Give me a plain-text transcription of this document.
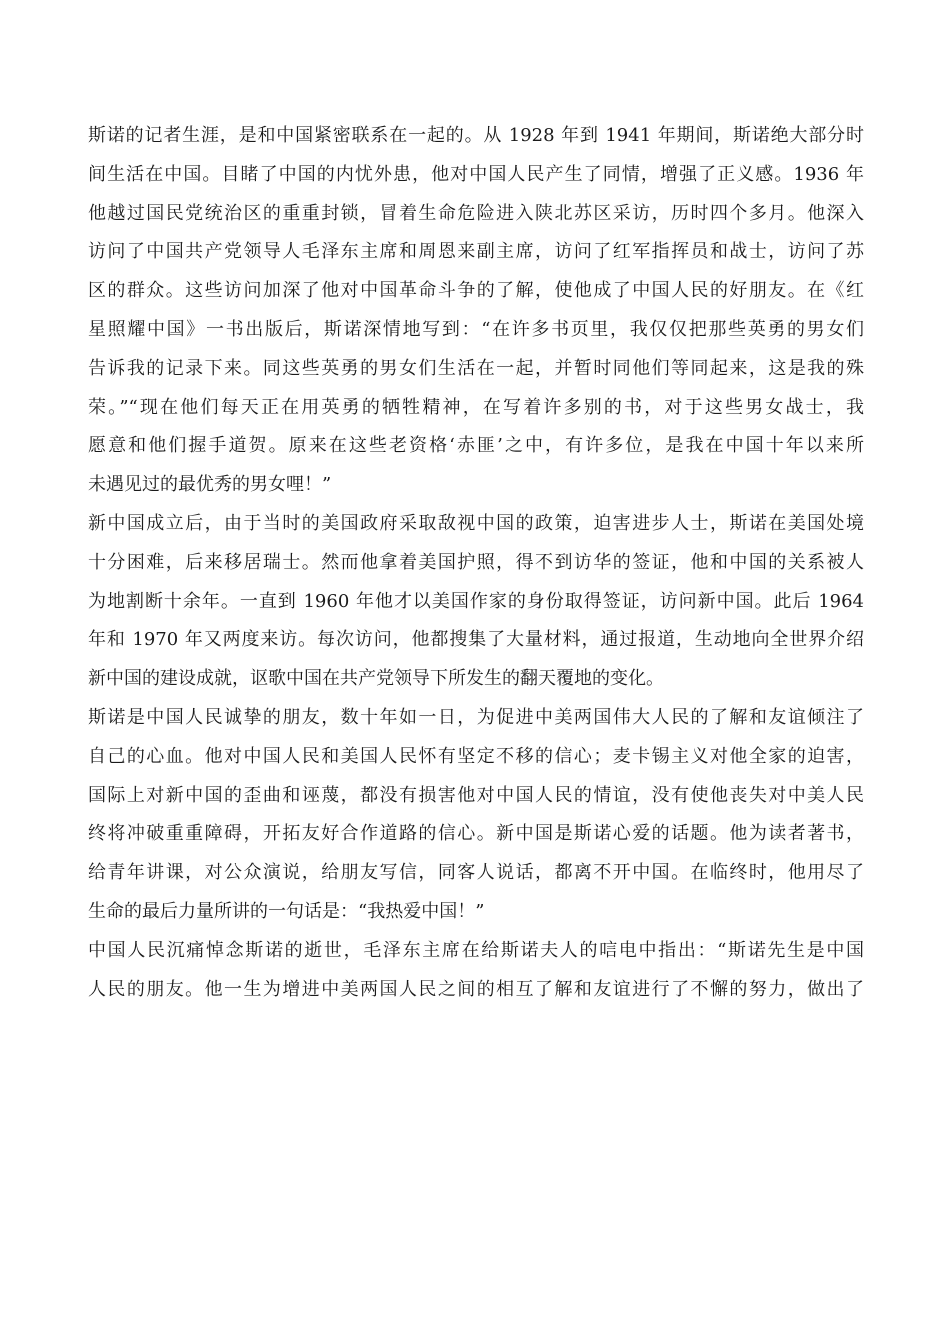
斯诺的记者生涯，是和中国紧密联系在一起的。从 1928 年到 1941 年期间，斯诺绝大部分时
间生活在中国。目睹了中国的内忧外患，他对中国人民产生了同情，增强了正义感。1936 年
他越过国民党统治区的重重封锁，冒着生命危险进入陕北苏区采访，历时四个多月。他深入
访问了中国共产党领导人毛泽东主席和周恩来副主席，访问了红军指挥员和战士，访问了苏
区的群众。这些访问加深了他对中国革命斗争的了解，使他成了中国人民的好朋友。在《红
星照耀中国》一书出版后，斯诺深情地写到：“在许多书页里，我仅仅把那些英勇的男女们
告诉我的记录下来。同这些英勇的男女们生活在一起，并暂时同他们等同起来，这是我的殊
荣。”“现在他们每天正在用英勇的牺牲精神，在写着许多别的书，对于这些男女战士，我
愿意和他们握手道贺。原来在这些老资格‘赤匪’之中，有许多位，是我在中国十年以来所
未遇见过的最优秀的男女哩！”
新中国成立后，由于当时的美国政府采取敌视中国的政策，迫害进步人士，斯诺在美国处境
十分困难，后来移居瑞士。然而他拿着美国护照，得不到访华的签证，他和中国的关系被人
为地割断十余年。一直到 1960 年他才以美国作家的身份取得签证，访问新中国。此后 1964
年和 1970 年又两度来访。每次访问，他都搜集了大量材料，通过报道，生动地向全世界介绍
新中国的建设成就，讴歌中国在共产党领导下所发生的翻天覆地的变化。
斯诺是中国人民诚挚的朋友，数十年如一日，为促进中美两国伟大人民的了解和友谊倾注了
自己的心血。他对中国人民和美国人民怀有坚定不移的信心；麦卡锡主义对他全家的迫害，
国际上对新中国的歪曲和诬蔑，都没有损害他对中国人民的情谊，没有使他丧失对中美人民
终将冲破重重障碍，开拓友好合作道路的信心。新中国是斯诺心爱的话题。他为读者著书，
给青年讲课，对公众演说，给朋友写信，同客人说话，都离不开中国。在临终时，他用尽了
生命的最后力量所讲的一句话是：“我热爱中国！”
中国人民沉痛悼念斯诺的逝世，毛泽东主席在给斯诺夫人的唁电中指出：“斯诺先生是中国
人民的朋友。他一生为增进中美两国人民之间的相互了解和友谊进行了不懈的努力，做出了
